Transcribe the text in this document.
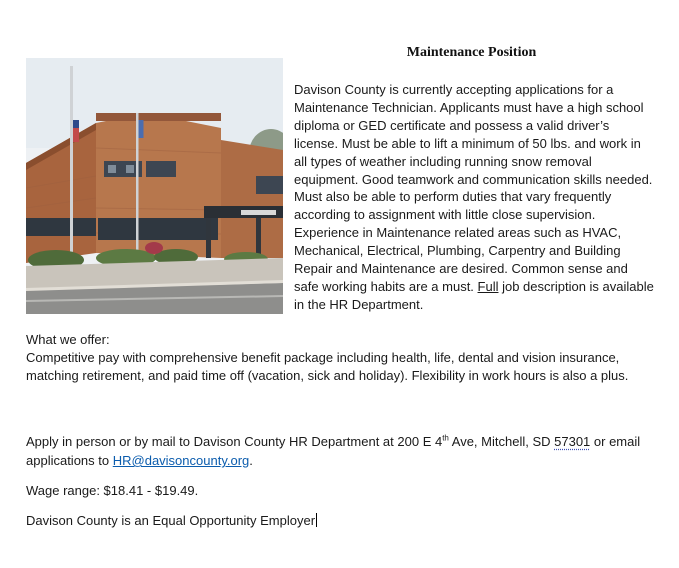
Maintenance Position

Davison County is currently accepting applications for a Maintenance Technician. Applicants must have a high school diploma or GED certificate and possess a valid driver’s license. Must be able to lift a minimum of 50 lbs. and work in all types of weather including running snow removal equipment. Good teamwork and communication skills needed. Must also be able to perform duties that vary frequently according to assignment with little close supervision. Experience in Maintenance related areas such as HVAC, Mechanical, Electrical, Plumbing, Carpentry and Building Repair and Maintenance are desired. Common sense and safe working habits are a must. Full job description is available in the HR Department.

What we offer:

Competitive pay with comprehensive benefit package including health, life, dental and vision insurance, matching retirement, and paid time off (vacation, sick and holiday). Flexibility in work hours is also a plus.

Apply in person or by mail to Davison County HR Department at 200 E 4th Ave, Mitchell, SD 57301 or email applications to HR@davisoncounty.org.

Wage range: $18.41 - $19.49.

Davison County is an Equal Opportunity Employer
